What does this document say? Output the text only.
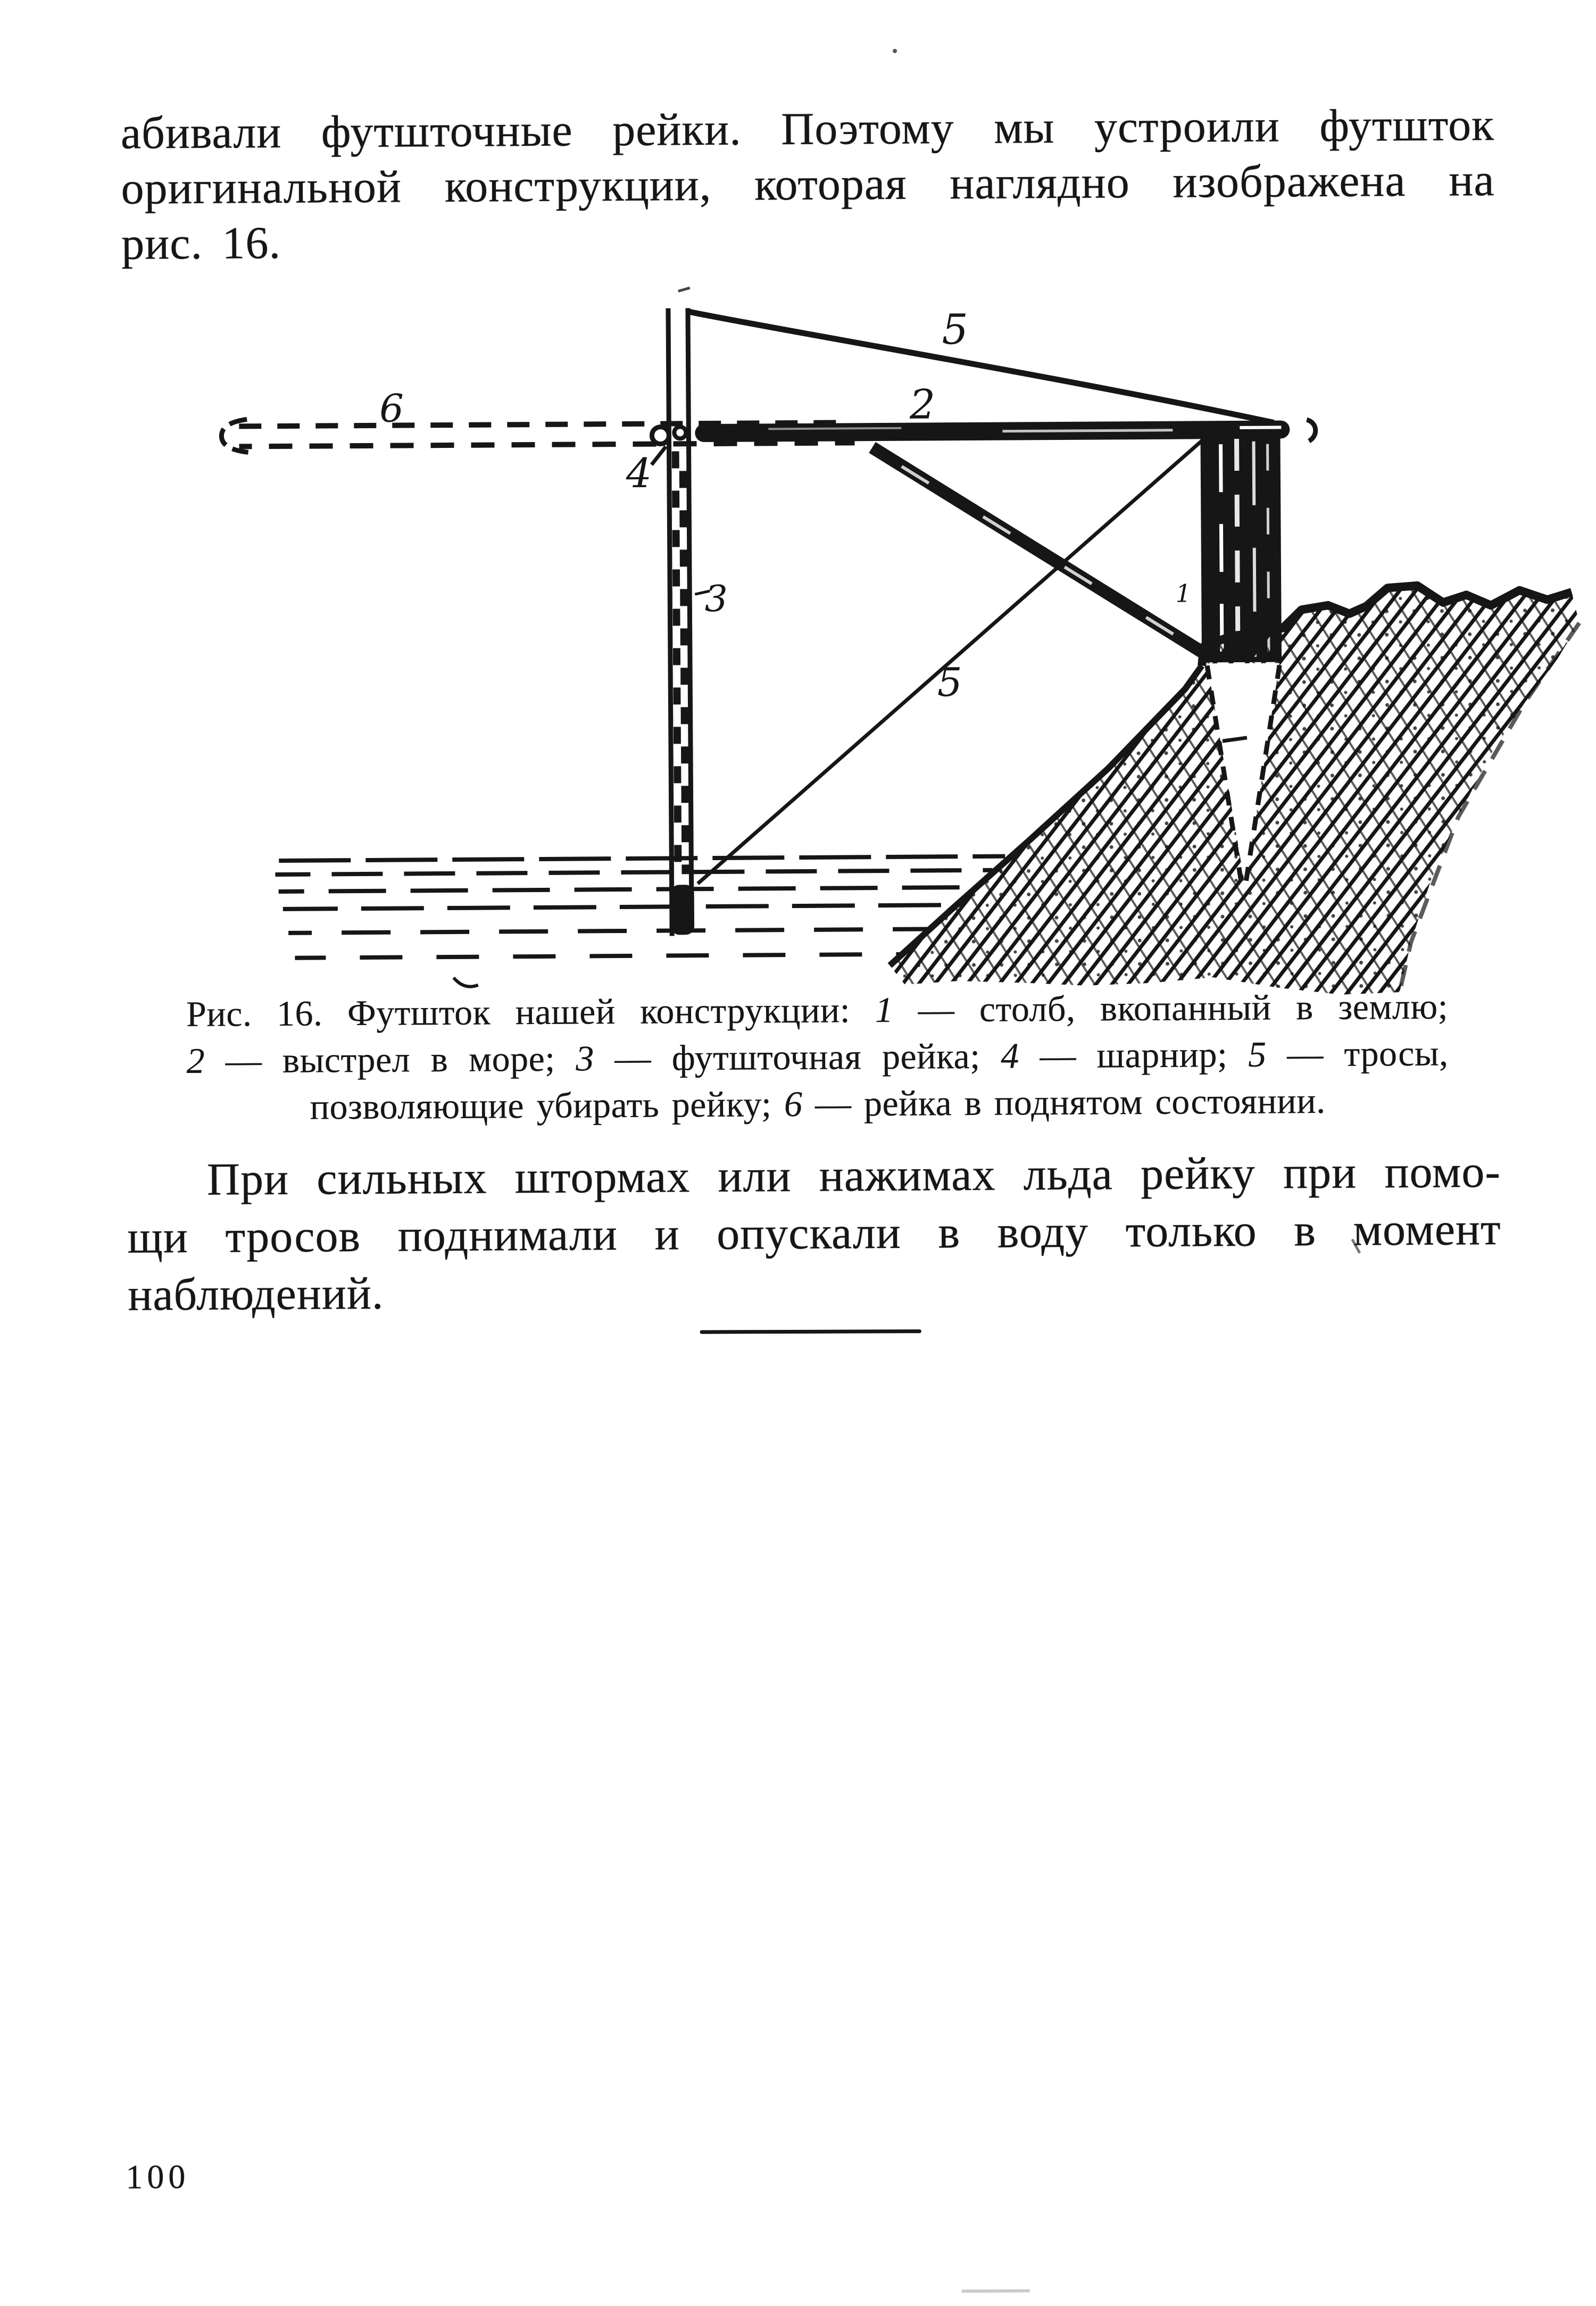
абивали футшточные рейки. Поэтому мы устроили футшток
оригинальной конструкции, которая наглядно изображена на
рис. 16.
6
5
2
4
3
5
1
Рис. 16. Футшток нашей конструкции: 1 — столб, вкопанный в землю;
2 — выстрел в море; 3 — футшточная рейка; 4 — шарнир; 5 — тросы,
позволяющие убирать рейку; 6 — рейка в поднятом состоянии.
При сильных штормах или нажимах льда рейку при помо-
щи тросов поднимали и опускали в воду только в момент
наблюдений.
100
